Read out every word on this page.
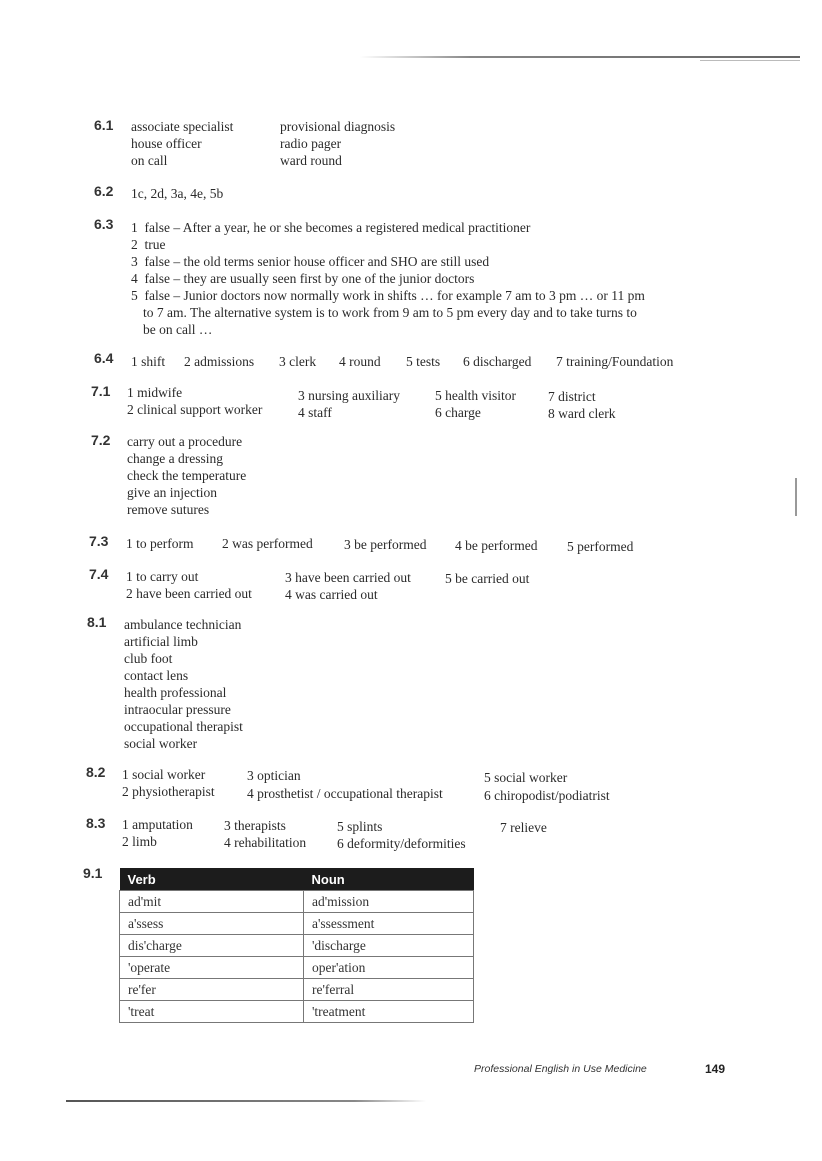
6.1 associate specialist
house officer
on call
provisional diagnosis
radio pager
ward round
6.2 1c, 2d, 3a, 4e, 5b
6.3 1 false – After a year, he or she becomes a registered medical practitioner
2 true
3 false – the old terms senior house officer and SHO are still used
4 false – they are usually seen first by one of the junior doctors
5 false – Junior doctors now normally work in shifts … for example 7 am to 3 pm … or 11 pm
to 7 am. The alternative system is to work from 9 am to 5 pm every day and to take turns to
be on call …
6.4 1 shift 2 admissions 3 clerk 4 round 5 tests 6 discharged 7 training/Foundation
7.1 1 midwife
2 clinical support worker
3 nursing auxiliary
4 staff
5 health visitor
6 charge
7 district
8 ward clerk
7.2 carry out a procedure
change a dressing
check the temperature
give an injection
remove sutures
7.3 1 to perform 2 was performed 3 be performed 4 be performed 5 performed
7.4 1 to carry out
2 have been carried out
3 have been carried out
4 was carried out
5 be carried out
8.1 ambulance technician
artificial limb
club foot
contact lens
health professional
intraocular pressure
occupational therapist
social worker
8.2 1 social worker
2 physiotherapist
3 optician
4 prosthetist / occupational therapist
5 social worker
6 chiropodist/podiatrist
8.3 1 amputation
2 limb
3 therapists
4 rehabilitation
5 splints
6 deformity/deformities
7 relieve
9.1 Verb	Noun
ad'mit	ad'mission
a'ssess	a'ssessment
dis'charge	'discharge
'operate	oper'ation
re'fer	re'ferral
'treat	'treatment
Professional English in Use Medicine	149
